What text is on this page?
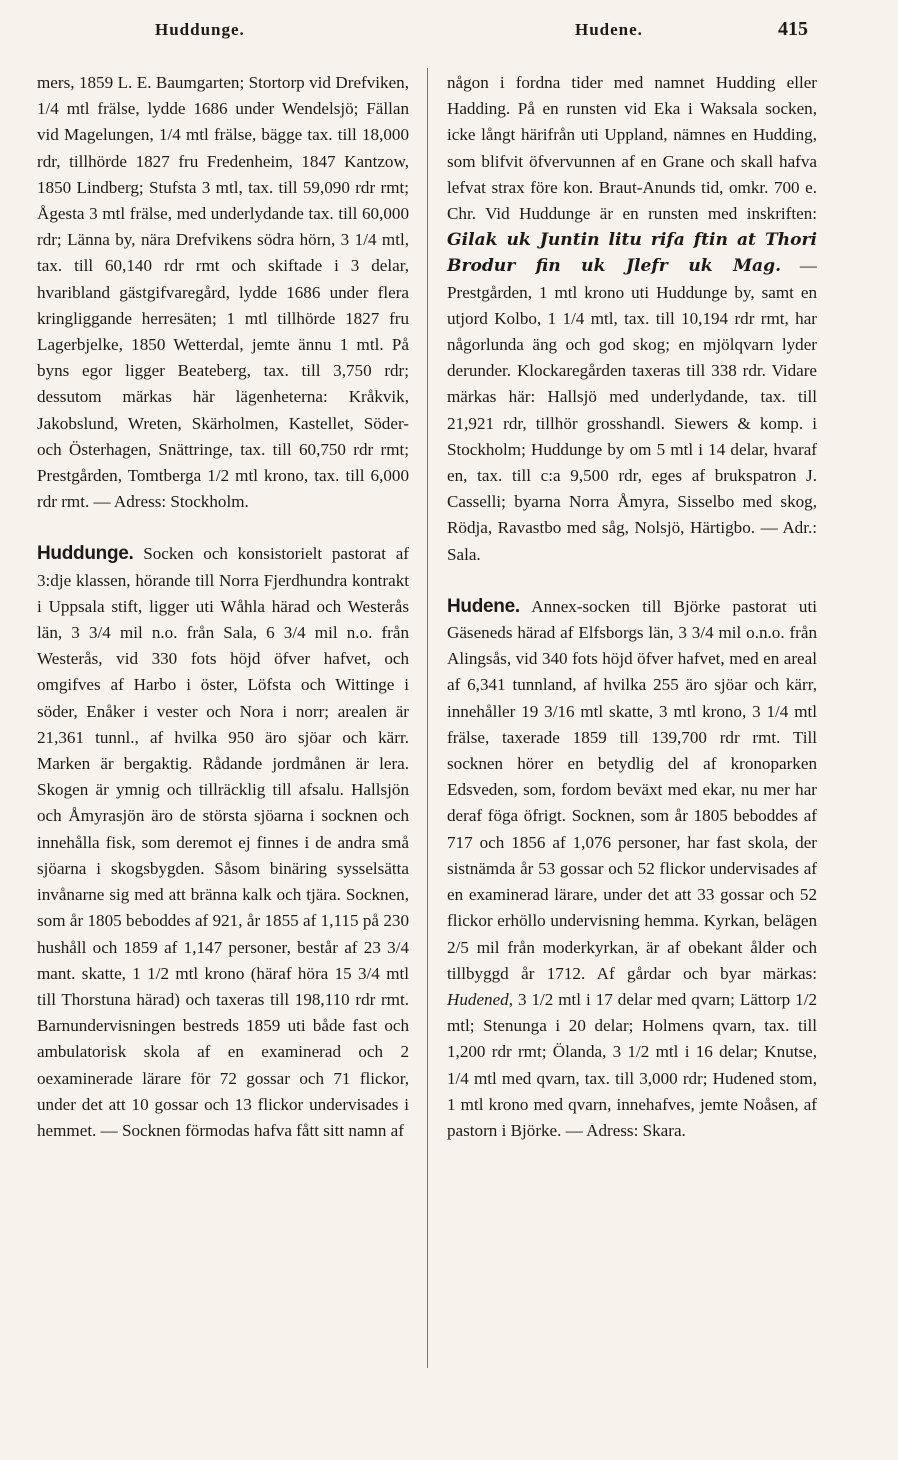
Huddunge.	Hudene.	415

mers, 1859 L. E. Baumgarten; Stortorp vid Drefviken, 1/4 mtl frälse, lydde 1686 under Wendelsjö; Fällan vid Magelungen, 1/4 mtl frälse, bägge tax. till 18,000 rdr, tillhörde 1827 fru Fredenheim, 1847 Kantzow, 1850 Lindberg; Stufsta 3 mtl, tax. till 59,090 rdr rmt; Ågesta 3 mtl frälse, med underlydande tax. till 60,000 rdr; Länna by, nära Drefvikens södra hörn, 3 1/4 mtl, tax. till 60,140 rdr rmt och skiftade i 3 delar, hvaribland gästgifvaregård, lydde 1686 under flera kringliggande herresäten; 1 mtl tillhörde 1827 fru Lagerbjelke, 1850 Wetterdal, jemte ännu 1 mtl. På byns egor ligger Beateberg, tax. till 3,750 rdr; dessutom märkas här lägenheterna: Kråkvik, Jakobslund, Wreten, Skärholmen, Kastellet, Söder- och Österhagen, Snättringe, tax. till 60,750 rdr rmt; Prestgården, Tomtberga 1/2 mtl krono, tax. till 6,000 rdr rmt. — Adress: Stockholm.

Huddunge. Socken och konsistorielt pastorat af 3:dje klassen, hörande till Norra Fjerdhundra kontrakt i Uppsala stift, ligger uti Wåhla härad och Westerås län, 3 3/4 mil n.o. från Sala, 6 3/4 mil n.o. från Westerås, vid 330 fots höjd öfver hafvet, och omgifves af Harbo i öster, Löfsta och Wittinge i söder, Enåker i vester och Nora i norr; arealen är 21,361 tunnl., af hvilka 950 äro sjöar och kärr. Marken är bergaktig. Rådande jordmånen är lera. Skogen är ymnig och tillräcklig till afsalu. Hallsjön och Åmyrasjön äro de största sjöarna i socknen och innehålla fisk, som deremot ej finnes i de andra små sjöarna i skogsbygden. Såsom binäring sysselsätta invånarne sig med att bränna kalk och tjära. Socknen, som år 1805 beboddes af 921, år 1855 af 1,115 på 230 hushåll och 1859 af 1,147 personer, består af 23 3/4 mant. skatte, 1 1/2 mtl krono (häraf höra 15 3/4 mtl till Thorstuna härad) och taxeras till 198,110 rdr rmt. Barnundervisningen bestreds 1859 uti både fast och ambulatorisk skola af en examinerad och 2 oexaminerade lärare för 72 gossar och 71 flickor, under det att 10 gossar och 13 flickor undervisades i hemmet. — Socknen förmodas hafva fått sitt namn af

någon i fordna tider med namnet Hudding eller Hadding. På en runsten vid Eka i Waksala socken, icke långt härifrån uti Uppland, nämnes en Hudding, som blifvit öfvervunnen af en Grane och skall hafva lefvat strax före kon. Braut-Anunds tid, omkr. 700 e. Chr. Vid Huddunge är en runsten med inskriften: Gilak uk Juntin litu rifa ftin at Thori Brodur fin uk Jlefr uk Mag. — Prestgården, 1 mtl krono uti Huddunge by, samt en utjord Kolbo, 1 1/4 mtl, tax. till 10,194 rdr rmt, har någorlunda äng och god skog; en mjölqvarn lyder derunder. Klockaregården taxeras till 338 rdr. Vidare märkas här: Hallsjö med underlydande, tax. till 21,921 rdr, tillhör grosshandl. Siewers & komp. i Stockholm; Huddunge by om 5 mtl i 14 delar, hvaraf en, tax. till c:a 9,500 rdr, eges af brukspatron J. Casselli; byarna Norra Åmyra, Sisselbo med skog, Rödja, Ravastbo med såg, Nolsjö, Härtigbo. — Adr.: Sala.

Hudene. Annex-socken till Björke pastorat uti Gäseneds härad af Elfsborgs län, 3 3/4 mil o.n.o. från Alingsås, vid 340 fots höjd öfver hafvet, med en areal af 6,341 tunnland, af hvilka 255 äro sjöar och kärr, innehåller 19 3/16 mtl skatte, 3 mtl krono, 3 1/4 mtl frälse, taxerade 1859 till 139,700 rdr rmt. Till socknen hörer en betydlig del af kronoparken Edsveden, som, fordom beväxt med ekar, nu mer har deraf föga öfrigt. Socknen, som år 1805 beboddes af 717 och 1856 af 1,076 personer, har fast skola, der sistnämda år 53 gossar och 52 flickor undervisades af en examinerad lärare, under det att 33 gossar och 52 flickor erhöllo undervisning hemma. Kyrkan, belägen 2/5 mil från moderkyrkan, är af obekant ålder och tillbyggd år 1712. Af gårdar och byar märkas: Hudened, 3 1/2 mtl i 17 delar med qvarn; Lättorp 1/2 mtl; Stenunga i 20 delar; Holmens qvarn, tax. till 1,200 rdr rmt; Ölanda, 3 1/2 mtl i 16 delar; Knutse, 1/4 mtl med qvarn, tax. till 3,000 rdr; Hudened stom, 1 mtl krono med qvarn, innehafves, jemte Noåsen, af pastorn i Björke. — Adress: Skara.
